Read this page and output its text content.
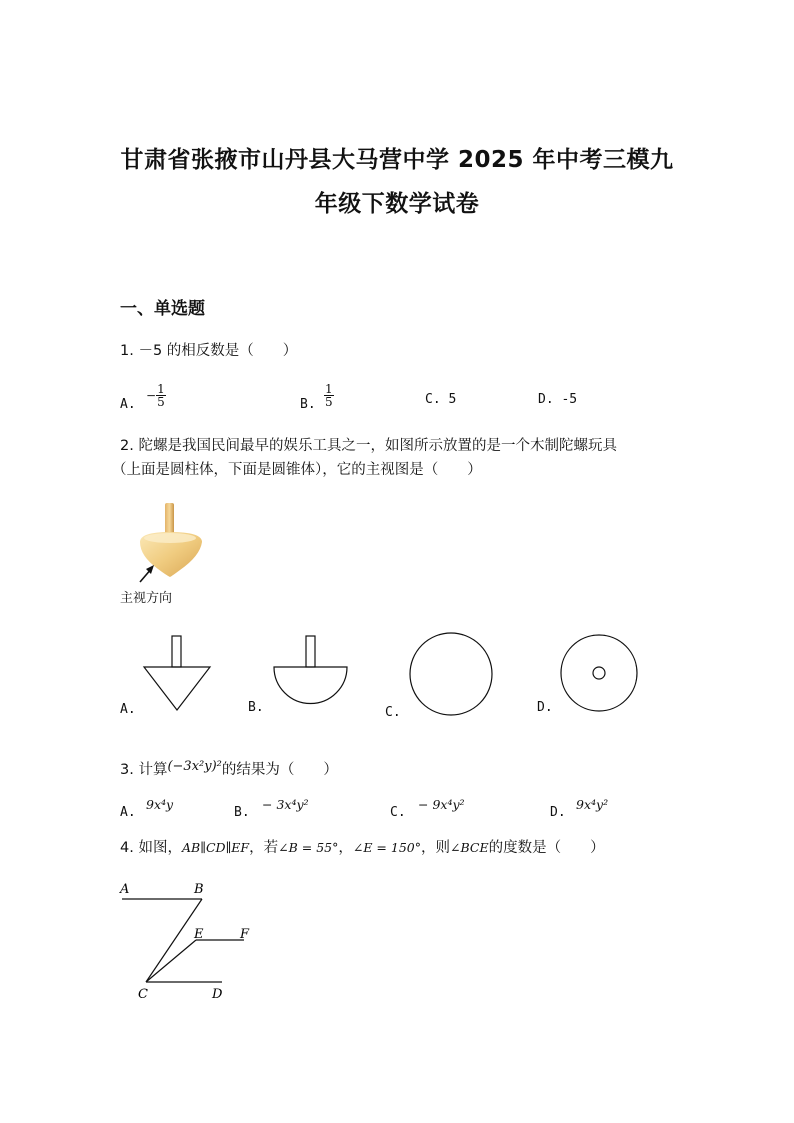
甘肃省张掖市山丹县大马营中学 2025 年中考三模九
年级下数学试卷
一、单选题
1. －5 的相反数是（　　）
A.
− $\frac{1}{5}$	B. $\frac{1}{5}$	C. 5	D. -5
2. 陀螺是我国民间最早的娱乐工具之一，如图所示放置的是一个木制陀螺玩具
（上面是圆柱体，下面是圆锥体），它的主视图是（　　）
主视方向
A.	B.	C.	D.
3. 计算(−3x²y)²的结果为（　　）
A.
9x⁴y
B.
− 3x⁴y²
C.
− 9x⁴y²
D.
9x⁴y²
4. 如图，AB∥CD∥EF，若∠B = 55°，∠E = 150°，则∠BCE的度数是（　　）
A	B
E	F
C	D
